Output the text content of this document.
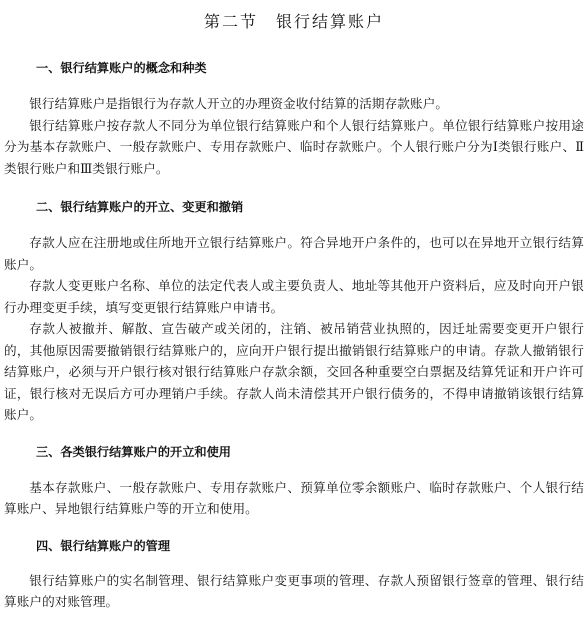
第二节 银行结算账户
一、银行结算账户的概念和种类

银行结算账户是指银行为存款人开立的办理资金收付结算的活期存款账户。

银行结算账户按存款人不同分为单位银行结算账户和个人银行结算账户。单位银行结算账户按用途分为基本存款账户、一般存款账户、专用存款账户、临时存款账户。个人银行账户分为Ⅰ类银行账户、Ⅱ类银行账户和Ⅲ类银行账户。

二、银行结算账户的开立、变更和撤销

存款人应在注册地或住所地开立银行结算账户。符合异地开户条件的，也可以在异地开立银行结算账户。

存款人变更账户名称、单位的法定代表人或主要负责人、地址等其他开户资料后，应及时向开户银行办理变更手续，填写变更银行结算账户申请书。

存款人被撤并、解散、宣告破产或关闭的，注销、被吊销营业执照的，因迁址需要变更开户银行的，其他原因需要撤销银行结算账户的，应向开户银行提出撤销银行结算账户的申请。存款人撤销银行结算账户，必须与开户银行核对银行结算账户存款余额，交回各种重要空白票据及结算凭证和开户许可证，银行核对无误后方可办理销户手续。存款人尚未清偿其开户银行债务的，不得申请撤销该银行结算账户。

三、各类银行结算账户的开立和使用

基本存款账户、一般存款账户、专用存款账户、预算单位零余额账户、临时存款账户、个人银行结算账户、异地银行结算账户等的开立和使用。

四、银行结算账户的管理

银行结算账户的实名制管理、银行结算账户变更事项的管理、存款人预留银行签章的管理、银行结算账户的对账管理。
